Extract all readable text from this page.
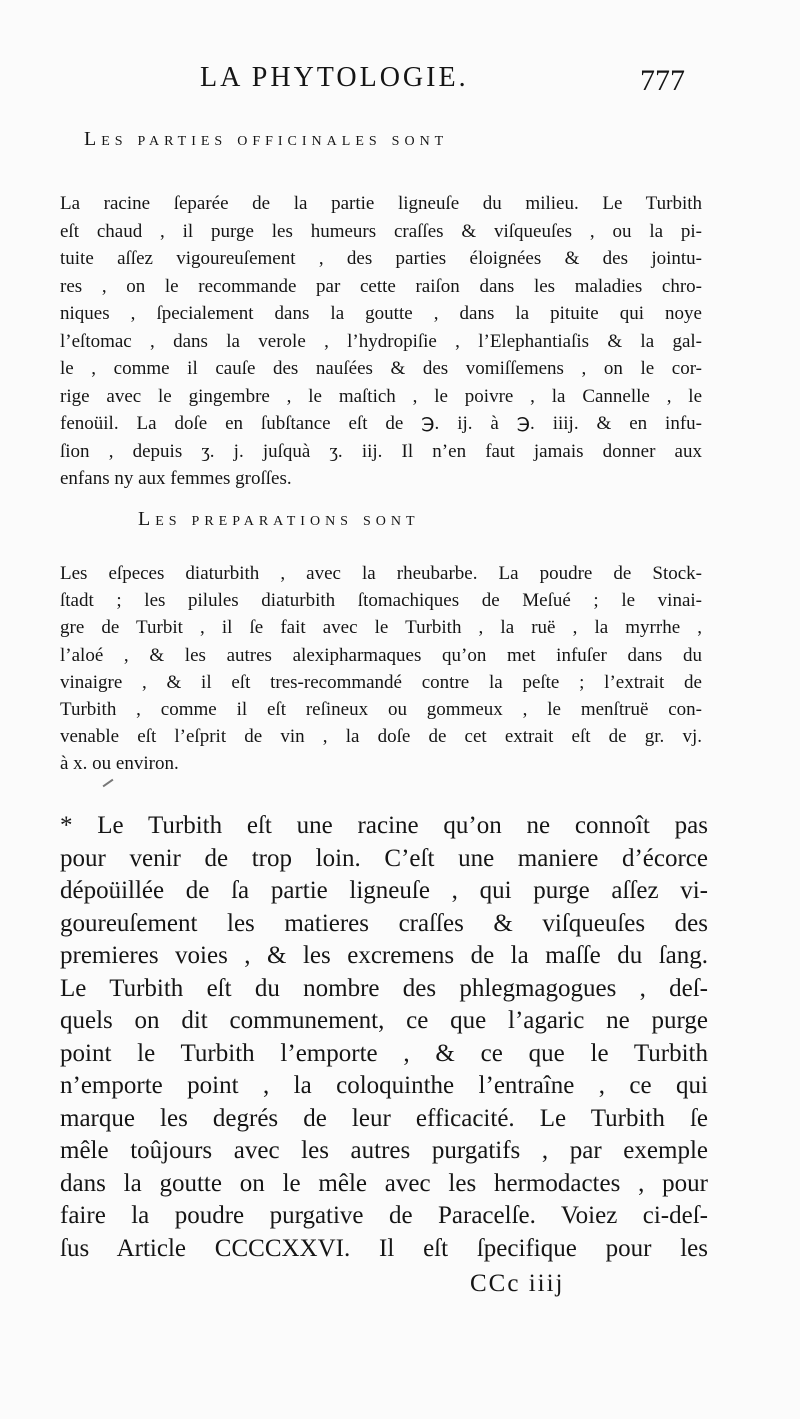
LA PHYTOLOGIE.	777
Les parties officinales sont
La racine ſeparée de la partie ligneuſe du milieu. Le Turbith
eſt chaud , il purge les humeurs craſſes & viſqueuſes , ou la pi-
tuite aſſez vigoureuſement , des parties éloignées & des jointu-
res , on le recommande par cette raiſon dans les maladies chro-
niques , ſpecialement dans la goutte , dans la pituite qui noye
l’eſtomac , dans la verole , l’hydropiſie , l’Elephantiaſis & la gal-
le , comme il cauſe des nauſées & des vomiſſemens , on le cor-
rige avec le gingembre , le maſtich , le poivre , la Cannelle , le
fenoüil. La doſe en ſubſtance eſt de ℈. ij. à ℈. iiij. & en infu-
ſion , depuis ʒ. j. juſquà ʒ. iij. Il n’en faut jamais donner aux
enfans ny aux femmes groſſes.
Les preparations sont
Les eſpeces diaturbith , avec la rheubarbe. La poudre de Stock-
ſtadt ; les pilules diaturbith ſtomachiques de Meſué ; le vinai-
gre de Turbit , il ſe fait avec le Turbith , la ruë , la myrrhe ,
l’aloé , & les autres alexipharmaques qu’on met infuſer dans du
vinaigre , & il eſt tres-recommandé contre la peſte ; l’extrait de
Turbith , comme il eſt reſineux ou gommeux , le menſtruë con-
venable eſt l’eſprit de vin , la doſe de cet extrait eſt de gr. vj.
à x. ou environ.
* Le Turbith eſt une racine qu’on ne connoît pas
pour venir de trop loin. C’eſt une maniere d’écorce
dépoüillée de ſa partie ligneuſe , qui purge aſſez vi-
goureuſement les matieres craſſes & viſqueuſes des
premieres voies , & les excremens de la maſſe du ſang.
Le Turbith eſt du nombre des phlegmagogues , deſ-
quels on dit communement, ce que l’agaric ne purge
point le Turbith l’emporte , & ce que le Turbith
n’emporte point , la coloquinthe l’entraîne , ce qui
marque les degrés de leur efficacité. Le Turbith ſe
mêle toûjours avec les autres purgatifs , par exemple
dans la goutte on le mêle avec les hermodactes , pour
faire la poudre purgative de Paracelſe. Voiez ci-deſ-
ſus Article CCCCXXVI. Il eſt ſpecifique pour les
CCc iiij
